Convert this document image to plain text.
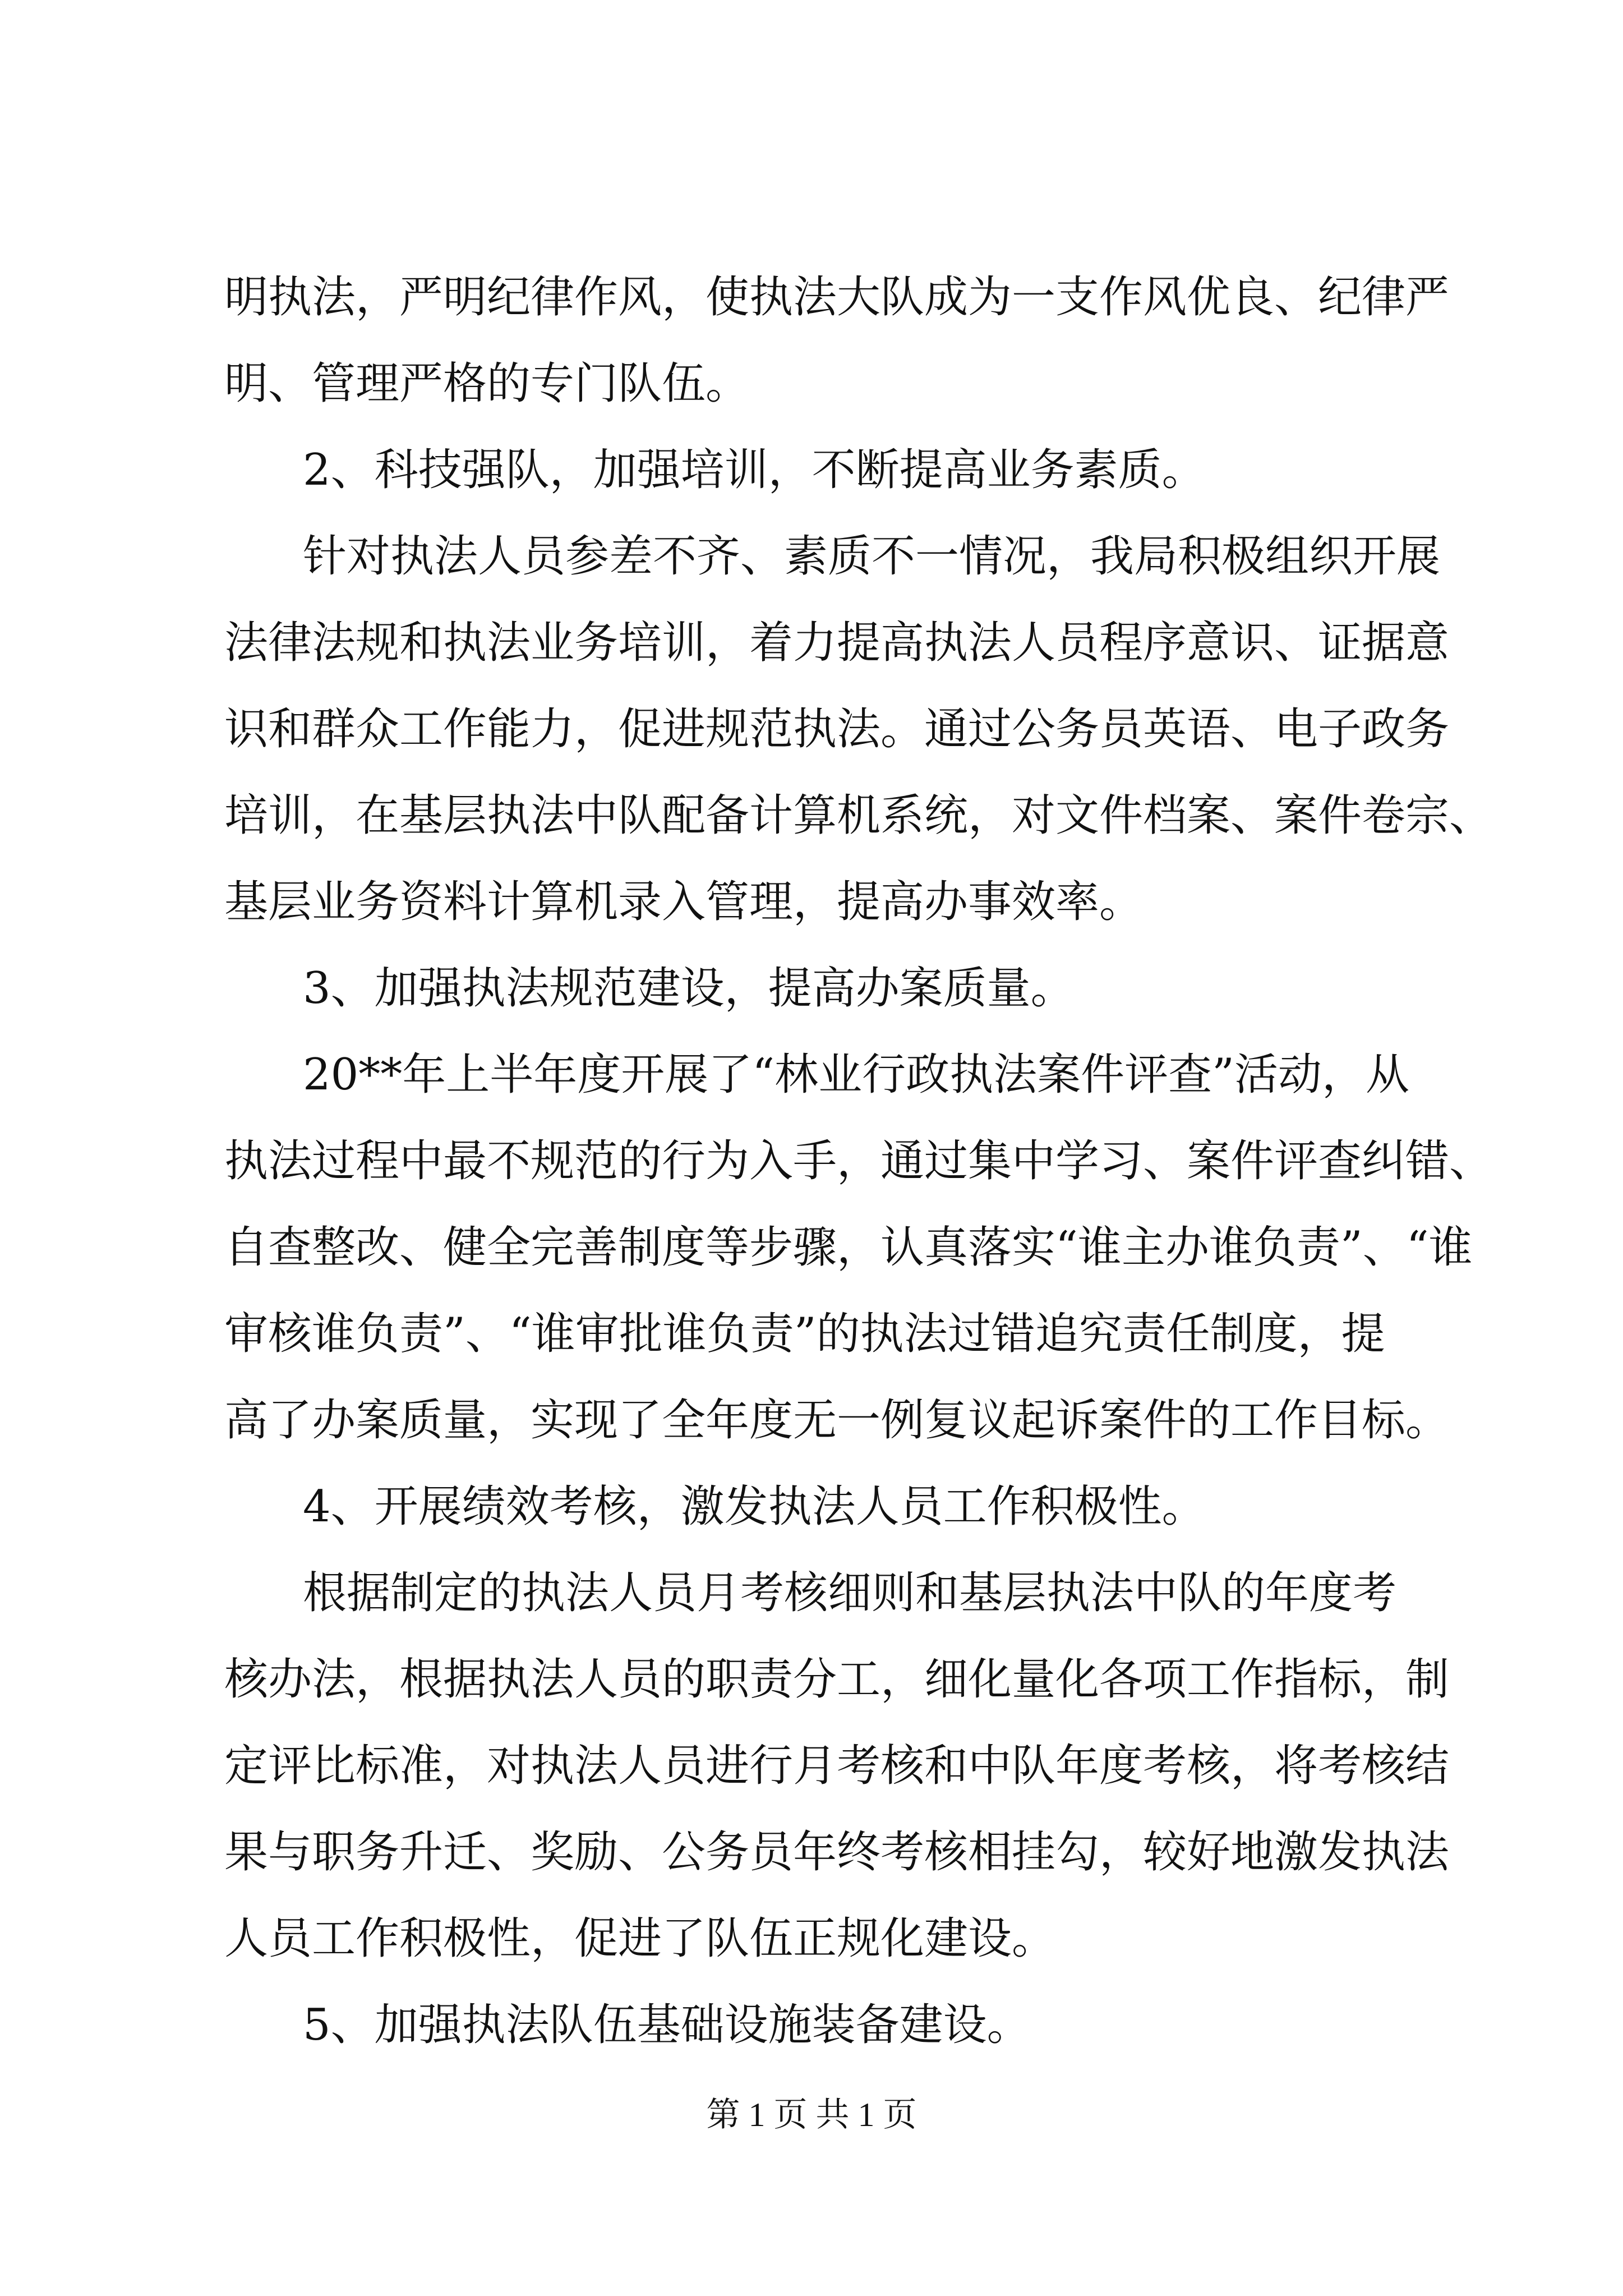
明执法，严明纪律作风，使执法大队成为一支作风优良、纪律严

明、管理严格的专门队伍。

2、科技强队，加强培训，不断提高业务素质。

针对执法人员参差不齐、素质不一情况，我局积极组织开展

法律法规和执法业务培训，着力提高执法人员程序意识、证据意

识和群众工作能力，促进规范执法。通过公务员英语、电子政务

培训，在基层执法中队配备计算机系统，对文件档案、案件卷宗、

基层业务资料计算机录入管理，提高办事效率。

3、加强执法规范建设，提高办案质量。

20**年上半年度开展了“林业行政执法案件评查”活动，从

执法过程中最不规范的行为入手，通过集中学习、案件评查纠错、

自查整改、健全完善制度等步骤，认真落实“谁主办谁负责”、“谁

审核谁负责”、“谁审批谁负责”的执法过错追究责任制度，提

高了办案质量，实现了全年度无一例复议起诉案件的工作目标。

4、开展绩效考核，激发执法人员工作积极性。

根据制定的执法人员月考核细则和基层执法中队的年度考

核办法，根据执法人员的职责分工，细化量化各项工作指标，制

定评比标准，对执法人员进行月考核和中队年度考核，将考核结

果与职务升迁、奖励、公务员年终考核相挂勾，较好地激发执法

人员工作积极性，促进了队伍正规化建设。

5、加强执法队伍基础设施装备建设。

第 1 页 共 1 页
